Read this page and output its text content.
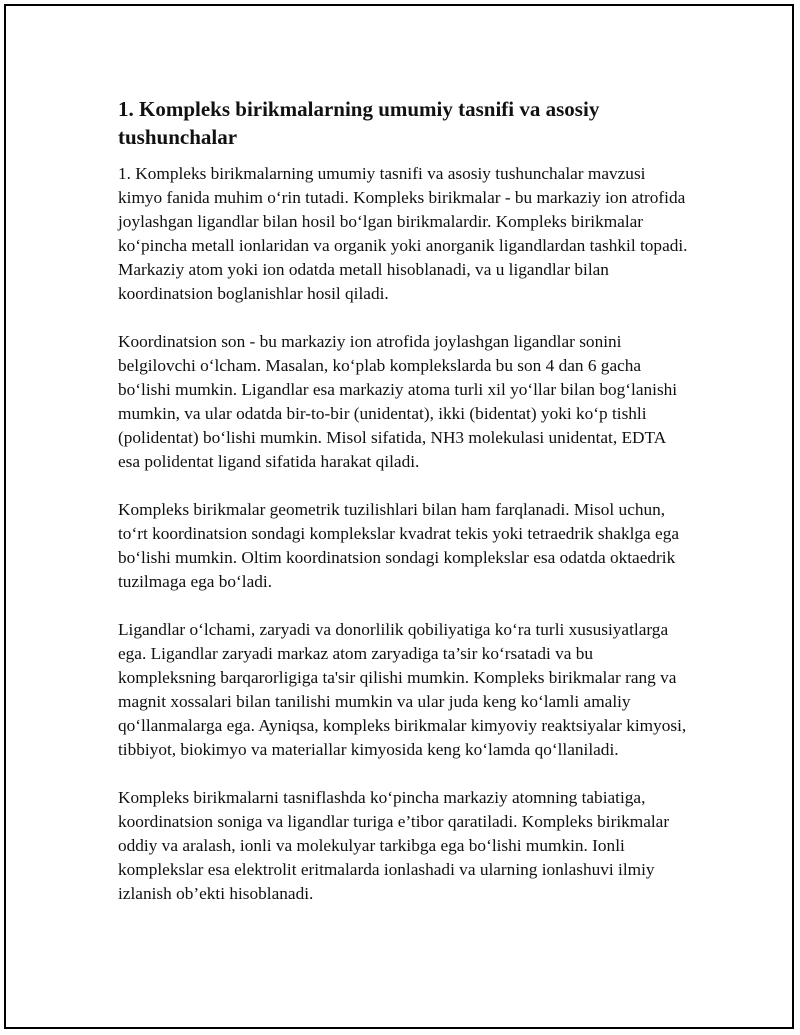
1. Kompleks birikmalarning umumiy tasnifi va asosiy tushunchalar

1. Kompleks birikmalarning umumiy tasnifi va asosiy tushunchalar mavzusi kimyo fanida muhim o‘rin tutadi. Kompleks birikmalar - bu markaziy ion atrofida joylashgan ligandlar bilan hosil bo‘lgan birikmalardir. Kompleks birikmalar ko‘pincha metall ionlaridan va organik yoki anorganik ligandlardan tashkil topadi. Markaziy atom yoki ion odatda metall hisoblanadi, va u ligandlar bilan koordinatsion boglanishlar hosil qiladi.

Koordinatsion son - bu markaziy ion atrofida joylashgan ligandlar sonini belgilovchi o‘lcham. Masalan, ko‘plab komplekslarda bu son 4 dan 6 gacha bo‘lishi mumkin. Ligandlar esa markaziy atoma turli xil yo‘llar bilan bog‘lanishi mumkin, va ular odatda bir-to-bir (unidentat), ikki (bidentat) yoki ko‘p tishli (polidentat) bo‘lishi mumkin. Misol sifatida, NH3 molekulasi unidentat, EDTA esa polidentat ligand sifatida harakat qiladi.

Kompleks birikmalar geometrik tuzilishlari bilan ham farqlanadi. Misol uchun, to‘rt koordinatsion sondagi komplekslar kvadrat tekis yoki tetraedrik shaklga ega bo‘lishi mumkin. Oltim koordinatsion sondagi komplekslar esa odatda oktaedrik tuzilmaga ega bo‘ladi.

Ligandlar o‘lchami, zaryadi va donorlilik qobiliyatiga ko‘ra turli xususiyatlarga ega. Ligandlar zaryadi markaz atom zaryadiga ta’sir ko‘rsatadi va bu kompleksning barqarorligiga ta'sir qilishi mumkin. Kompleks birikmalar rang va magnit xossalari bilan tanilishi mumkin va ular juda keng ko‘lamli amaliy qo‘llanmalarga ega. Ayniqsa, kompleks birikmalar kimyoviy reaktsiyalar kimyosi, tibbiyot, biokimyo va materiallar kimyosida keng ko‘lamda qo‘llaniladi.

Kompleks birikmalarni tasniflashda ko‘pincha markaziy atomning tabiatiga, koordinatsion soniga va ligandlar turiga e’tibor qaratiladi. Kompleks birikmalar oddiy va aralash, ionli va molekulyar tarkibga ega bo‘lishi mumkin. Ionli komplekslar esa elektrolit eritmalarda ionlashadi va ularning ionlashuvi ilmiy izlanish ob’ekti hisoblanadi.
